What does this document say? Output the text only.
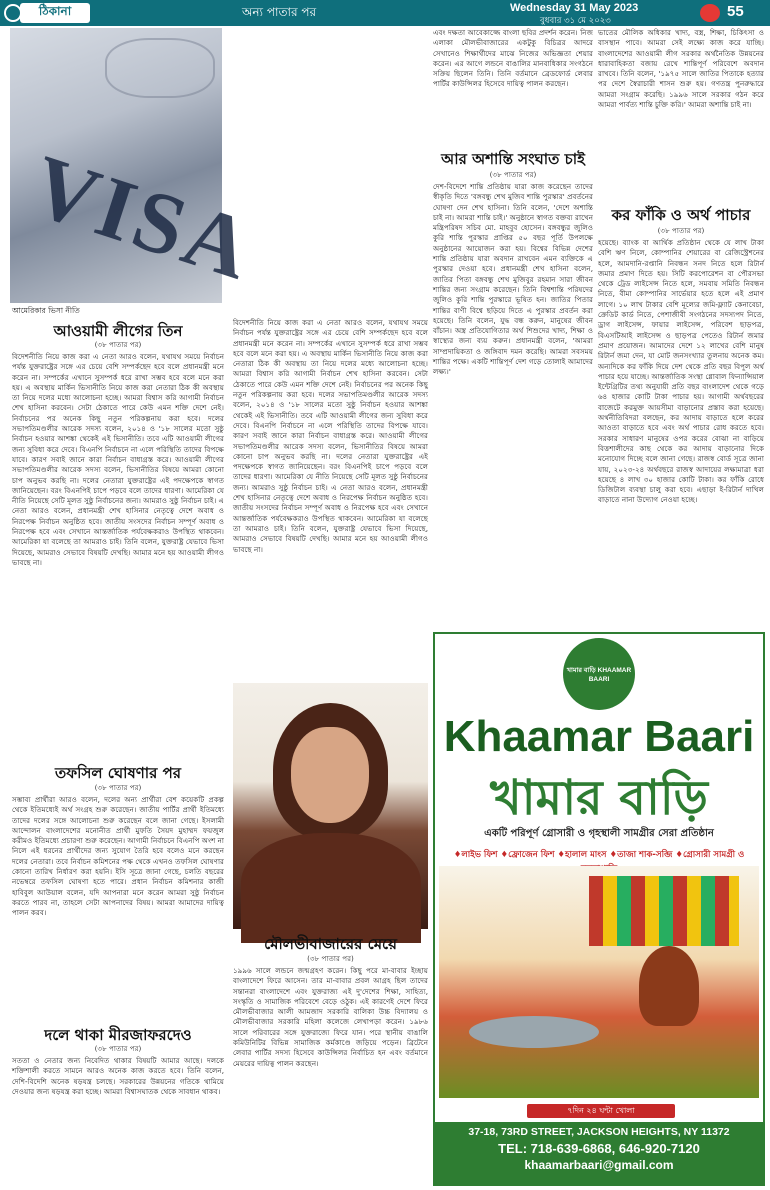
ঠিকানা	অন্য পাতার পর	Wednesday 31 May 2023
বুধবার ৩১ মে ২০২৩
55
VISA
আমেরিকার ভিসা নীতি
আওয়ামী লীগের তিন
(৩৮ পাতার পর)
বিদেশনীতি নিয়ে কাজ করা এ নেতা আরও বলেন, যথাযথ সময়ে নির্বাচন পর্যন্ত যুক্তরাষ্ট্রের সঙ্গে এর চেয়ে বেশি সম্পর্কছেদ হবে বলে প্রধানমন্ত্রী মনে করেন না। সম্পর্কের এখানে সুসম্পর্ক ধরে রাখা সম্ভব হবে বলে মনে করা হয়। এ অবস্থায় মার্কিন ভিসানীতি নিয়ে কাজ করা নেতারা ঠিক কী অবস্থায় তা নিয়ে দলের মধ্যে আলোচনা হচ্ছে। আমরা বিশ্বাস করি আগামী নির্বাচন শেখ হাসিনা করবেন। সেটা ঠেকাতে পারে কেউ এমন শক্তি দেশে নেই। নির্বাচনের পর অনেক কিছু নতুন পরিকল্পনায় করা হবে। দলের সভাপতিমণ্ডলীর আরেক সদস্য বলেন, ২০১৪ ও '১৮ সালের মতো সুষ্ঠু নির্বাচন হওয়ার আশঙ্কা থেকেই এই ভিসানীতি। তবে এটি আওয়ামী লীগের জন্য সুবিধা করে দেবে। বিএনপি নির্বাচনে না এলে পরিস্থিতি তাদের বিপক্ষে যাবে। কারণ সবাই জানে কারা নির্বাচন বাধাগ্রস্ত করে। আওয়ামী লীগের সভাপতিমণ্ডলীর আরেক সদস্য বলেন, ভিসানীতির বিষয়ে আমরা কোনো চাপ অনুভব করছি না। দলের নেতারা যুক্তরাষ্ট্রের এই পদক্ষেপকে স্বাগত জানিয়েছেন। বরং বিএনপিই চাপে পড়বে বলে তাদের ধারণা। আমেরিকা যে নীতি নিয়েছে সেটি মূলত সুষ্ঠু নির্বাচনের জন্য। আমরাও সুষ্ঠু নির্বাচন চাই। এ নেতা আরও বলেন, প্রধানমন্ত্রী শেখ হাসিনার নেতৃত্বে দেশে অবাধ ও নিরপেক্ষ নির্বাচন অনুষ্ঠিত হবে। জাতীয় সংসদের নির্বাচন সম্পূর্ণ অবাধ ও নিরপেক্ষ হবে এবং সেখানে আন্তর্জাতিক পর্যবেক্ষকরাও উপস্থিত থাকবেন। আমেরিকা যা বলেছে তা আমরাও চাই। তিনি বলেন, যুক্তরাষ্ট্র যেভাবে ভিসা দিয়েছে, আমরাও সেভাবে বিষয়টি দেখছি। আমার মনে হয় আওয়ামী লীগও ভাবছে না।
তফসিল ঘোষণার পর
(৩৮ পাতার পর)
সম্ভাব্য প্রার্থীরা আরও বলেন, দলের অন্য প্রার্থীরা বেশ কয়েকটি প্রকল্প থেকে ইতিমধ্যেই অর্থ সংগ্রহ শুরু করেছেন। জাতীয় পার্টির প্রার্থী ইতিমধ্যে তাদের দলের সঙ্গে আলোচনা শুরু করেছেন বলে জানা গেছে। ইসলামী আন্দোলন বাংলাদেশের মনোনীত প্রার্থী মুফতি সৈয়দ মুহাম্মদ ফয়জুল করীমও ইতিমধ্যে প্রচারণা শুরু করেছেন। আগামী নির্বাচনে বিএনপি অংশ না নিলে এই ধরনের প্রার্থীদের জন্য সুযোগ তৈরি হবে বলেও মনে করছেন দলের নেতারা। তবে নির্বাচন কমিশনের পক্ষ থেকে এখনও তফসিল ঘোষণার কোনো তারিখ নির্ধারণ করা হয়নি। ইসি সূত্রে জানা গেছে, চলতি বছরের নভেম্বরে তফসিল ঘোষণা হতে পারে। প্রধান নির্বাচন কমিশনার কাজী হাবিবুল আউয়াল বলেন, যদি আপনারা মনে করেন আমরা সুষ্ঠু নির্বাচন করতে পারব না, তাহলে সেটা আপনাদের বিষয়। আমরা আমাদের দায়িত্ব পালন করব।
দলে থাকা মীরজাফরদেও
(৩৮ পাতার পর)
সততা ও নেতার জন্য নিবেদিত থাকার বিষয়টি আমার আছে। দলকে শক্তিশালী করতে সামনে আরও অনেক কাজ করতে হবে। তিনি বলেন, দেশি-বিদেশি অনেক ষড়যন্ত্র চলছে। সরকারের উন্নয়নের গতিকে থামিয়ে দেওয়ার জন্য ষড়যন্ত্র করা হচ্ছে। আমরা বিশ্বাসঘাতক থেকে সাবধান থাকব।
বিদেশনীতি নিয়ে কাজ করা এ নেতা আরও বলেন, যথাযথ সময়ে নির্বাচন পর্যন্ত যুক্তরাষ্ট্রের সঙ্গে এর চেয়ে বেশি সম্পর্কছেদ হবে বলে প্রধানমন্ত্রী মনে করেন না। সম্পর্কের এখানে সুসম্পর্ক ধরে রাখা সম্ভব হবে বলে মনে করা হয়। এ অবস্থায় মার্কিন ভিসানীতি নিয়ে কাজ করা নেতারা ঠিক কী অবস্থায় তা নিয়ে দলের মধ্যে আলোচনা হচ্ছে। আমরা বিশ্বাস করি আগামী নির্বাচন শেখ হাসিনা করবেন। সেটা ঠেকাতে পারে কেউ এমন শক্তি দেশে নেই। নির্বাচনের পর অনেক কিছু নতুন পরিকল্পনায় করা হবে। দলের সভাপতিমণ্ডলীর আরেক সদস্য বলেন, ২০১৪ ও '১৮ সালের মতো সুষ্ঠু নির্বাচন হওয়ার আশঙ্কা থেকেই এই ভিসানীতি। তবে এটি আওয়ামী লীগের জন্য সুবিধা করে দেবে। বিএনপি নির্বাচনে না এলে পরিস্থিতি তাদের বিপক্ষে যাবে। কারণ সবাই জানে কারা নির্বাচন বাধাগ্রস্ত করে। আওয়ামী লীগের সভাপতিমণ্ডলীর আরেক সদস্য বলেন, ভিসানীতির বিষয়ে আমরা কোনো চাপ অনুভব করছি না। দলের নেতারা যুক্তরাষ্ট্রের এই পদক্ষেপকে স্বাগত জানিয়েছেন। বরং বিএনপিই চাপে পড়বে বলে তাদের ধারণা। আমেরিকা যে নীতি নিয়েছে সেটি মূলত সুষ্ঠু নির্বাচনের জন্য। আমরাও সুষ্ঠু নির্বাচন চাই। এ নেতা আরও বলেন, প্রধানমন্ত্রী শেখ হাসিনার নেতৃত্বে দেশে অবাধ ও নিরপেক্ষ নির্বাচন অনুষ্ঠিত হবে। জাতীয় সংসদের নির্বাচন সম্পূর্ণ অবাধ ও নিরপেক্ষ হবে এবং সেখানে আন্তর্জাতিক পর্যবেক্ষকরাও উপস্থিত থাকবেন। আমেরিকা যা বলেছে তা আমরাও চাই। তিনি বলেন, যুক্তরাষ্ট্র যেভাবে ভিসা দিয়েছে, আমরাও সেভাবে বিষয়টি দেখছি। আমার মনে হয় আওয়ামী লীগও ভাবছে না।
মৌলভীবাজারের মেয়ে
(৩৮ পাতার পর)
১৯৯৬ সালে লন্ডনে জন্মগ্রহণ করেন। কিছু পরে মা-বাবার ইচ্ছায় বাংলাদেশে ফিরে আসেন। তার মা-বাবার প্রবল আগ্রহ ছিল তাদের সন্তানরা বাংলাদেশে এবং যুক্তরাজ্য এই দু'দেশের শিক্ষা, সাহিত্য, সংস্কৃতি ও সামাজিক পরিবেশে বেড়ে ওঠুক। এই কারণেই দেশে ফিরে মৌলভীবাজার আলী আমজাদ সরকারি বালিকা উচ্চ বিদ্যালয় ও মৌলভীবাজার সরকারি মহিলা কলেজে লেখাপড়া করেন। ১৯৮৬ সালে পরিবারের সঙ্গে যুক্তরাজ্যে ফিরে যান। পরে স্থানীয় বাঙালি কমিউনিটির বিভিন্ন সামাজিক কর্মকাণ্ডে জড়িয়ে পড়েন। ব্রিটেনে লেবার পার্টির সদস্য হিসেবে কাউন্সিলর নির্বাচিত হন এবং বর্তমানে মেয়রের দায়িত্ব পালন করছেন।
এবং দক্ষতা আবেকাজ্জে বাংলা ছবির প্রদর্শন করেন। নিজ এলাকা মৌলভীবাজারের একটুকু বিচিত্রর আদরে সেখানেও শিক্ষার্থীদের মাঝে নিজের অভিজ্ঞতা শেয়ার করেন। এর আগে লন্ডনে বাঙালির মানবাধিকার সংগঠনে সক্রিয় ছিলেন তিনি। তিনি বর্তমানে ব্রেডফোর্ড লেবার পার্টির কাউন্সিলর হিসেবে দায়িত্ব পালন করছেন।
ভাতের মৌলিক অধিকার খাদ্য, বস্ত্র, শিক্ষা, চিকিৎসা ও বাসস্থান পাবে। আমরা সেই লক্ষ্যে কাজ করে যাচ্ছি। বাংলাদেশের আওয়ামী লীগ সরকার অর্থনৈতিক উন্নয়নের ধারাবাহিকতা বজায় রেখে শান্তিপূর্ণ পরিবেশে অবদান রাখবে। তিনি বলেন, '১৯৭৫ সালে জাতির পিতাকে হত্যার পর দেশে স্বৈরাচারী শাসন শুরু হয়। গণতন্ত্র পুনরুদ্ধারে আমরা সংগ্রাম করেছি। ১৯৯৬ সালে সরকার গঠন করে আমরা পার্বত্য শান্তি চুক্তি করি।' আমরা অশান্তি চাই না।
আর অশান্তি সংঘাত চাই
(৩৮ পাতার পর)
দেশ-বিদেশে শান্তি প্রতিষ্ঠায় যারা কাজ করেছেন তাদের স্বীকৃতি দিতে 'বঙ্গবন্ধু শেখ মুজিব শান্তি পুরস্কার' প্রবর্তনের ঘোষণা দেন শেখ হাসিনা। তিনি বলেন, 'দেশে অশান্তি চাই না। আমরা শান্তি চাই।' অনুষ্ঠানে স্বাগত বক্তব্য রাখেন মন্ত্রিপরিষদ সচিব মো. মাহবুব হোসেন। বঙ্গবন্ধুর জুলিও কুরি শান্তি পুরস্কার প্রাপ্তির ৫০ বছর পূর্তি উপলক্ষে অনুষ্ঠানের আয়োজন করা হয়। বিশ্বের বিভিন্ন দেশের শান্তি প্রতিষ্ঠায় যারা অবদান রাখবেন এমন ব্যক্তিকে এ পুরস্কার দেওয়া হবে। প্রধানমন্ত্রী শেখ হাসিনা বলেন, জাতির পিতা বঙ্গবন্ধু শেখ মুজিবুর রহমান সারা জীবন শান্তির জন্য সংগ্রাম করেছেন। তিনি বিশ্বশান্তি পরিষদের জুলিও কুরি শান্তি পুরস্কারে ভূষিত হন। জাতির পিতার শান্তির বাণী বিশ্বে ছড়িয়ে দিতে এ পুরস্কার প্রবর্তন করা হয়েছে। তিনি বলেন, যুদ্ধ বন্ধ করুন, মানুষের জীবন বাঁচান। অস্ত্র প্রতিযোগিতার অর্থ শিশুদের খাদ্য, শিক্ষা ও স্বাস্থ্যের জন্য ব্যয় করুন। প্রধানমন্ত্রী বলেন, 'আমরা সাম্প্রদায়িকতা ও জঙ্গিবাদ দমন করেছি। আমরা সবসময় শান্তির পক্ষে। একটি শান্তিপূর্ণ দেশ গড়ে তোলাই আমাদের লক্ষ্য।'
কর ফাঁকি ও অর্থ পাচার
(৩৮ পাতার পর)
হয়েছে। ব্যাংক বা আর্থিক প্রতিষ্ঠান থেকে যে লাখ টাকা বেশি ঋণ নিলে, কোম্পানির শেয়ারের বা রেজিস্ট্রেশনের হলে, আমদানি-রপ্তানি নিবন্ধন সনদ নিতে হলে রিটার্ন জমার প্রমাণ দিতে হয়। সিটি করপোরেশন বা পৌরসভা থেকে ট্রেড লাইসেন্স নিতে হলে, সমবায় সমিতি নিবন্ধন নিতে, বীমা কোম্পানির সার্ভেয়ার হতে হলে এই প্রমাণ লাগে। ১০ লাখ টাকার বেশি মূল্যের জমি-ফ্ল্যাট কেনাবেচা, ক্রেডিট কার্ড নিতে, পেশাজীবী সংগঠনের সদস্যপদ নিতে, ড্রাগ লাইসেন্স, ফায়ার লাইসেন্স, পরিবেশ ছাড়পত্র, বিএসটিআই লাইসেন্স ও ছাড়পত্র পেতেও রিটার্ন জমার প্রমাণ প্রয়োজন। আমাদের দেশে ১২ লাখের বেশি মানুষ রিটার্ন জমা দেন, যা মোট জনসংখ্যার তুলনায় অনেক কম। অন্যদিকে কর ফাঁকি দিয়ে দেশ থেকে প্রতি বছর বিপুল অর্থ পাচার হয়ে যাচ্ছে। আন্তর্জাতিক সংস্থা গ্লোবাল ফিন্যান্সিয়াল ইন্টেগ্রিটির তথ্য অনুযায়ী প্রতি বছর বাংলাদেশ থেকে গড়ে ৬৪ হাজার কোটি টাকা পাচার হয়। আগামী অর্থবছরের বাজেটে করমুক্ত আয়সীমা বাড়ানোর প্রস্তাব করা হয়েছে। অর্থনীতিবিদরা বলছেন, কর আদায় বাড়াতে হলে করের আওতা বাড়াতে হবে এবং অর্থ পাচার রোধ করতে হবে। সরকার সাধারণ মানুষের ওপর করের বোঝা না বাড়িয়ে বিত্তশালীদের কাছ থেকে কর আদায় বাড়ানোর দিকে মনোযোগ দিচ্ছে বলে জানা গেছে। রাজস্ব বোর্ড সূত্রে জানা যায়, ২০২৩-২৪ অর্থবছরে রাজস্ব আদায়ের লক্ষ্যমাত্রা ধরা হয়েছে ৪ লাখ ৩০ হাজার কোটি টাকা। কর ফাঁকি রোধে ডিজিটাল ব্যবস্থা চালু করা হবে। এছাড়া ই-রিটার্ন দাখিল বাড়াতে নানা উদ্যোগ নেওয়া হচ্ছে।
খামার বাড়ি KHAAMAR BAARI
Khaamar Baari
খামার বাড়ি
একটি পরিপূর্ণ গ্রোসারী ও গৃহস্থালী সামগ্রীর সেরা প্রতিষ্ঠান
♦লাইভ ফিশ ♦ফ্রোজেন ফিশ ♦হালাল মাংস ♦তাজা শাক-সব্জি ♦গ্রোসারী সামগ্রী ও
৭দিন ২৪ ঘন্টা খোলা
37-18, 73RD STREET, JACKSON HEIGHTS, NY 11372
TEL: 718-639-6868, 646-920-7120
khaamarbaari@gmail.com
